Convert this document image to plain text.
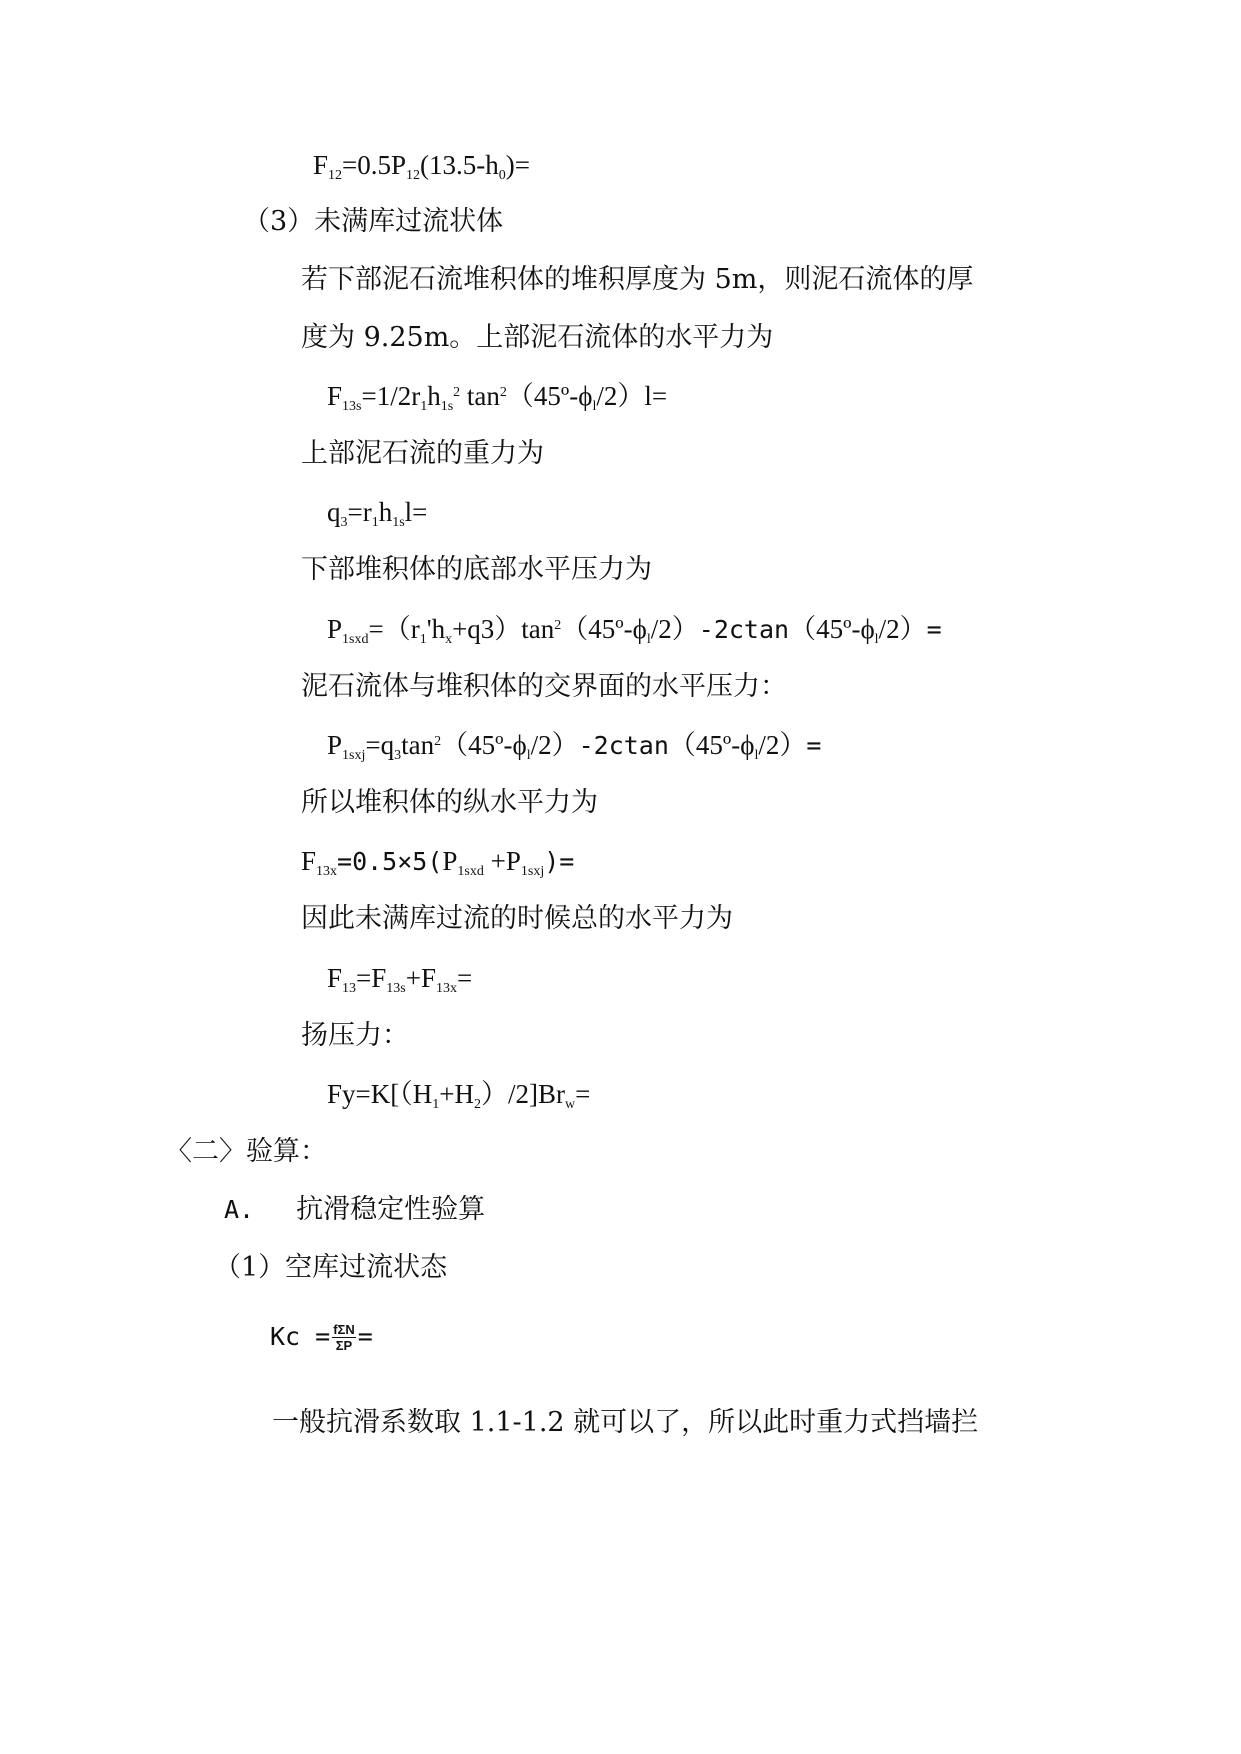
$F_{12}=0.5P_{12}(13.5-h_0)=$
（3）未满库过流状体
若下部泥石流堆积体的堆积厚度为 5m，则泥石流体的厚
度为 9.25m。上部泥石流体的水平力为
$F_{13s}=1/2r_1h_{1s}^2$ $\tan^2(45º-\phi_l/2)l=$
上部泥石流的重力为
$q_3=r_1h_{1s}l=$
下部堆积体的底部水平压力为
$P_{1sxd}=(r_1'h_x+q3)\tan^2(45º-\phi_l/2)-2ctan(45º-\phi_l/2)=$
泥石流体与堆积体的交界面的水平压力：
$P_{1sxj}=q_3\tan^2(45º-\phi_l/2)-2ctan(45º-\phi_l/2)=$
所以堆积体的纵水平力为
$F_{13x}=0.5\times 5(P_{1sxd} +P_{1sxj})=$
因此未满库过流的时候总的水平力为
$F_{13}=F_{13s}+F_{13x}=$
扬压力：
$Fy=K[(H_1+H_2)/2]Br_w=$
〈二〉验算：
A. 抗滑稳定性验算
（1）空库过流状态
$Kc = \frac{\text{fΣN}}{\Sigma P}$ =
一般抗滑系数取 1.1-1.2 就可以了，所以此时重力式挡墙拦
